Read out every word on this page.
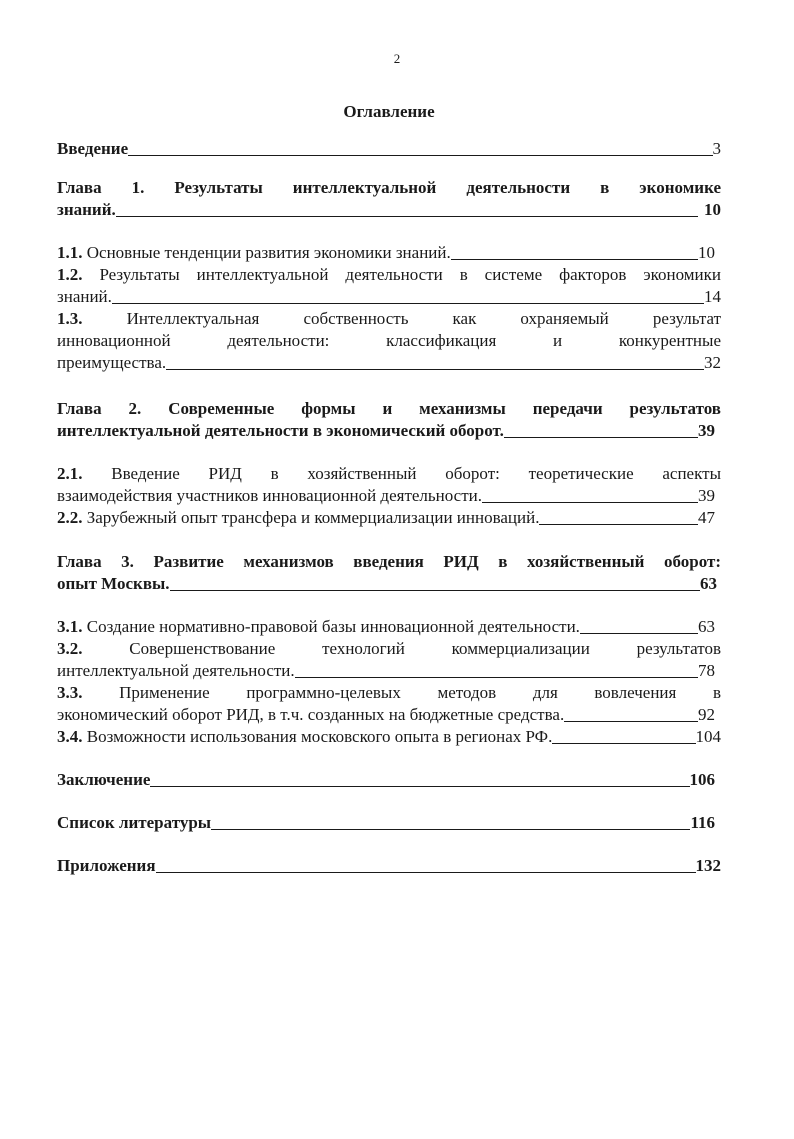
2
Оглавление
Введение	3
Глава 1. Результаты интеллектуальной деятельности в экономике
знаний.	10
1.1. Основные тенденции развития экономики знаний.	10
1.2. Результаты интеллектуальной деятельности в системе факторов экономики
знаний.	14
1.3.	Интеллектуальная собственность как охраняемый результат
инновационной деятельности: классификация и конкурентные
преимущества.	32
Глава 2. Современные формы и механизмы передачи результатов
интеллектуальной деятельности в экономический оборот.	39
2.1. Введение РИД в хозяйственный оборот: теоретические аспекты
взаимодействия участников инновационной деятельности.	39
2.2. Зарубежный опыт трансфера и коммерциализации инноваций.	47
Глава 3. Развитие механизмов введения РИД в хозяйственный оборот:
опыт Москвы.	63
3.1. Создание нормативно-правовой базы инновационной деятельности.	63
3.2.	Совершенствование технологий коммерциализации результатов
интеллектуальной деятельности.	78
3.3. Применение программно-целевых методов для вовлечения в
экономический оборот РИД, в т.ч. созданных на бюджетные средства.	92
3.4. Возможности использования московского опыта в регионах РФ.	104
Заключение	106
Список литературы	116
Приложения	132
